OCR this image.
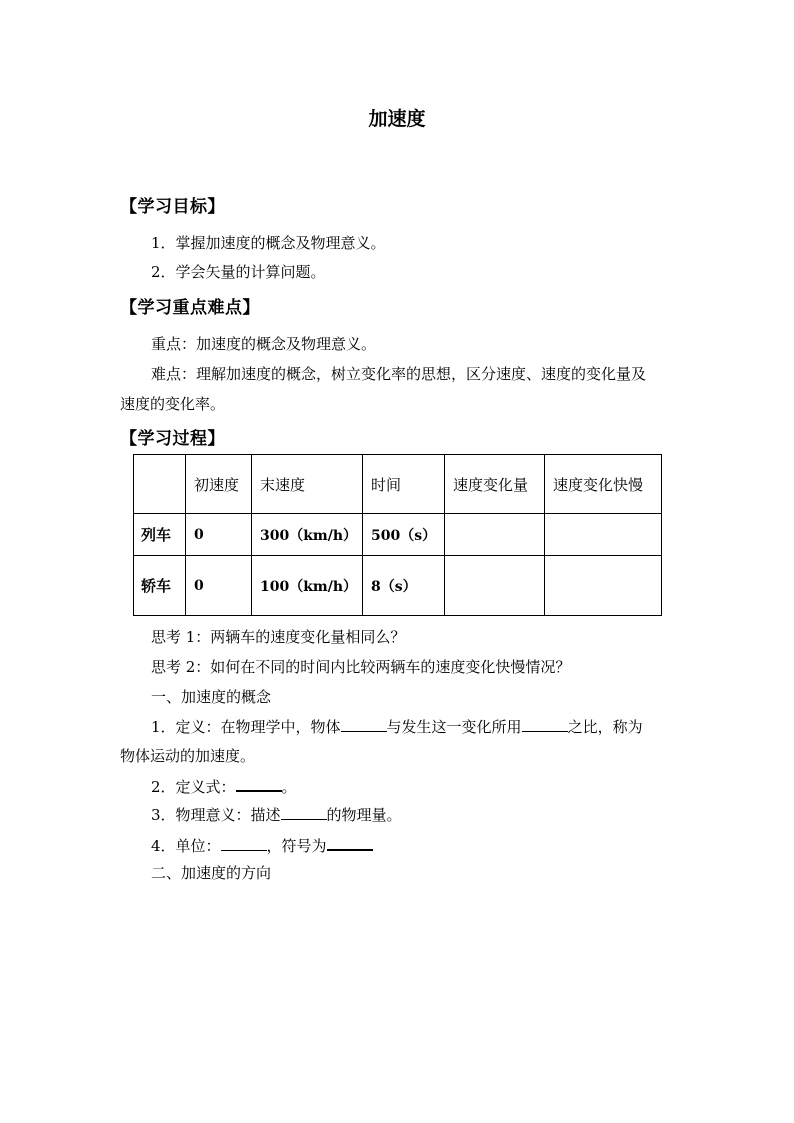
加速度
【学习目标】
1．掌握加速度的概念及物理意义。
2．学会矢量的计算问题。
【学习重点难点】
重点：加速度的概念及物理意义。
难点：理解加速度的概念，树立变化率的思想，区分速度、速度的变化量及
速度的变化率。
【学习过程】
	初速度	末速度	时间	速度变化量	速度变化快慢
列车	0	300（km/h）	500（s）		
轿车	0	100（km/h）	8（s）		
思考 1：两辆车的速度变化量相同么？
思考 2：如何在不同的时间内比较两辆车的速度变化快慢情况？
一、加速度的概念
1．定义：在物理学中，物体	与发生这一变化所用	之比，称为
物体运动的加速度。
2．定义式：	。
3．物理意义：描述	的物理量。
4．单位：	，符号为
二、加速度的方向
